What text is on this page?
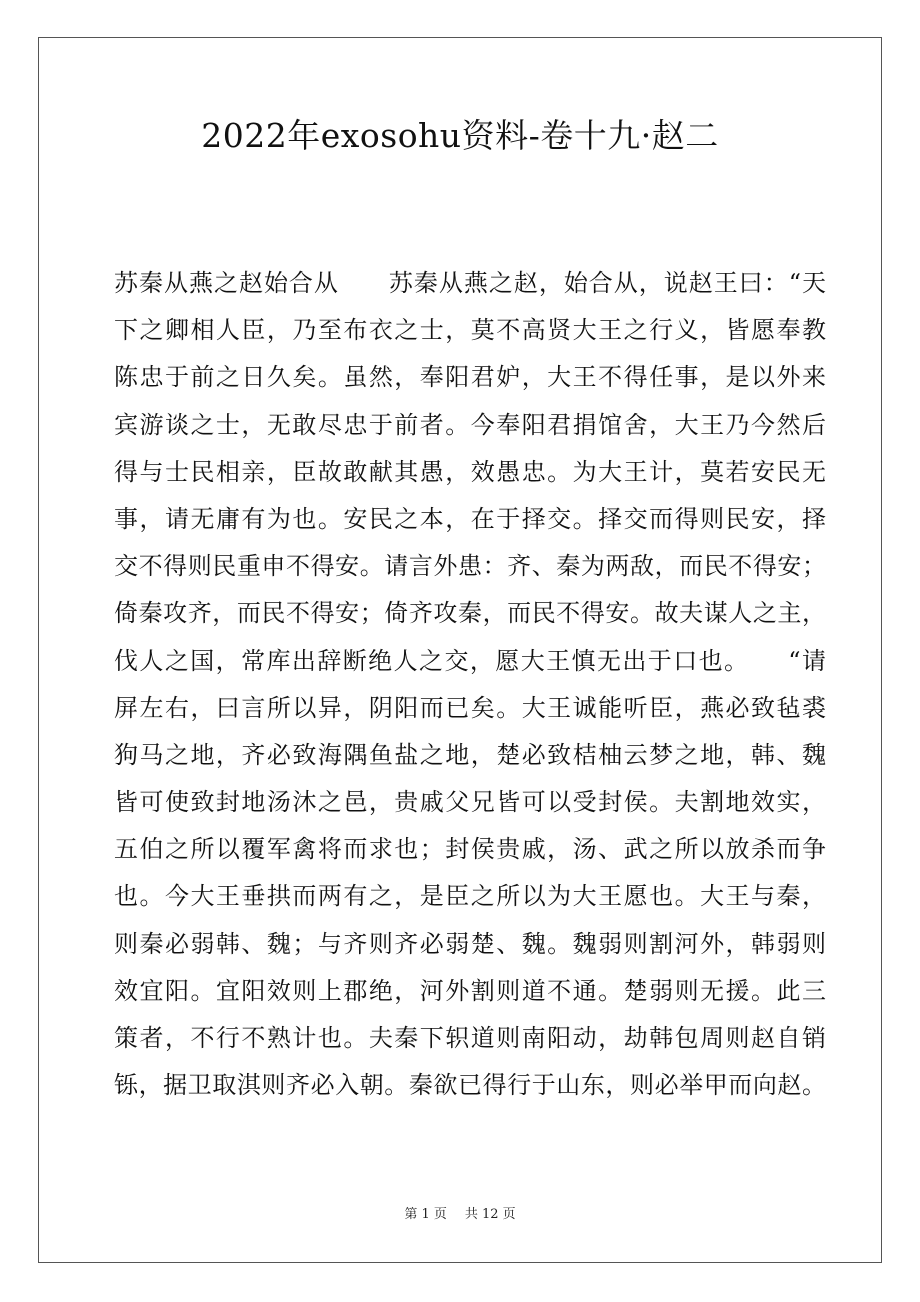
2022年exosohu资料-卷十九·赵二
苏秦从燕之赵始合从　　苏秦从燕之赵，始合从，说赵王曰：“天
下之卿相人臣，乃至布衣之士，莫不高贤大王之行义，皆愿奉教
陈忠于前之日久矣。虽然，奉阳君妒，大王不得任事，是以外来
宾游谈之士，无敢尽忠于前者。今奉阳君捐馆舍，大王乃今然后
得与士民相亲，臣故敢献其愚，效愚忠。为大王计，莫若安民无
事，请无庸有为也。安民之本，在于择交。择交而得则民安，择
交不得则民重申不得安。请言外患：齐、秦为两敌，而民不得安；
倚秦攻齐，而民不得安；倚齐攻秦，而民不得安。故夫谋人之主，
伐人之国，常库出辞断绝人之交，愿大王慎无出于口也。　　“请
屏左右，曰言所以异，阴阳而已矣。大王诚能听臣，燕必致毡裘
狗马之地，齐必致海隅鱼盐之地，楚必致桔柚云梦之地，韩、魏
皆可使致封地汤沐之邑，贵戚父兄皆可以受封侯。夫割地效实，
五伯之所以覆军禽将而求也；封侯贵戚，汤、武之所以放杀而争
也。今大王垂拱而两有之，是臣之所以为大王愿也。大王与秦，
则秦必弱韩、魏；与齐则齐必弱楚、魏。魏弱则割河外，韩弱则
效宜阳。宜阳效则上郡绝，河外割则道不通。楚弱则无援。此三
策者，不行不熟计也。夫秦下轵道则南阳动，劫韩包周则赵自销
铄，据卫取淇则齐必入朝。秦欲已得行于山东，则必举甲而向赵。
第 1 页 共 12 页
